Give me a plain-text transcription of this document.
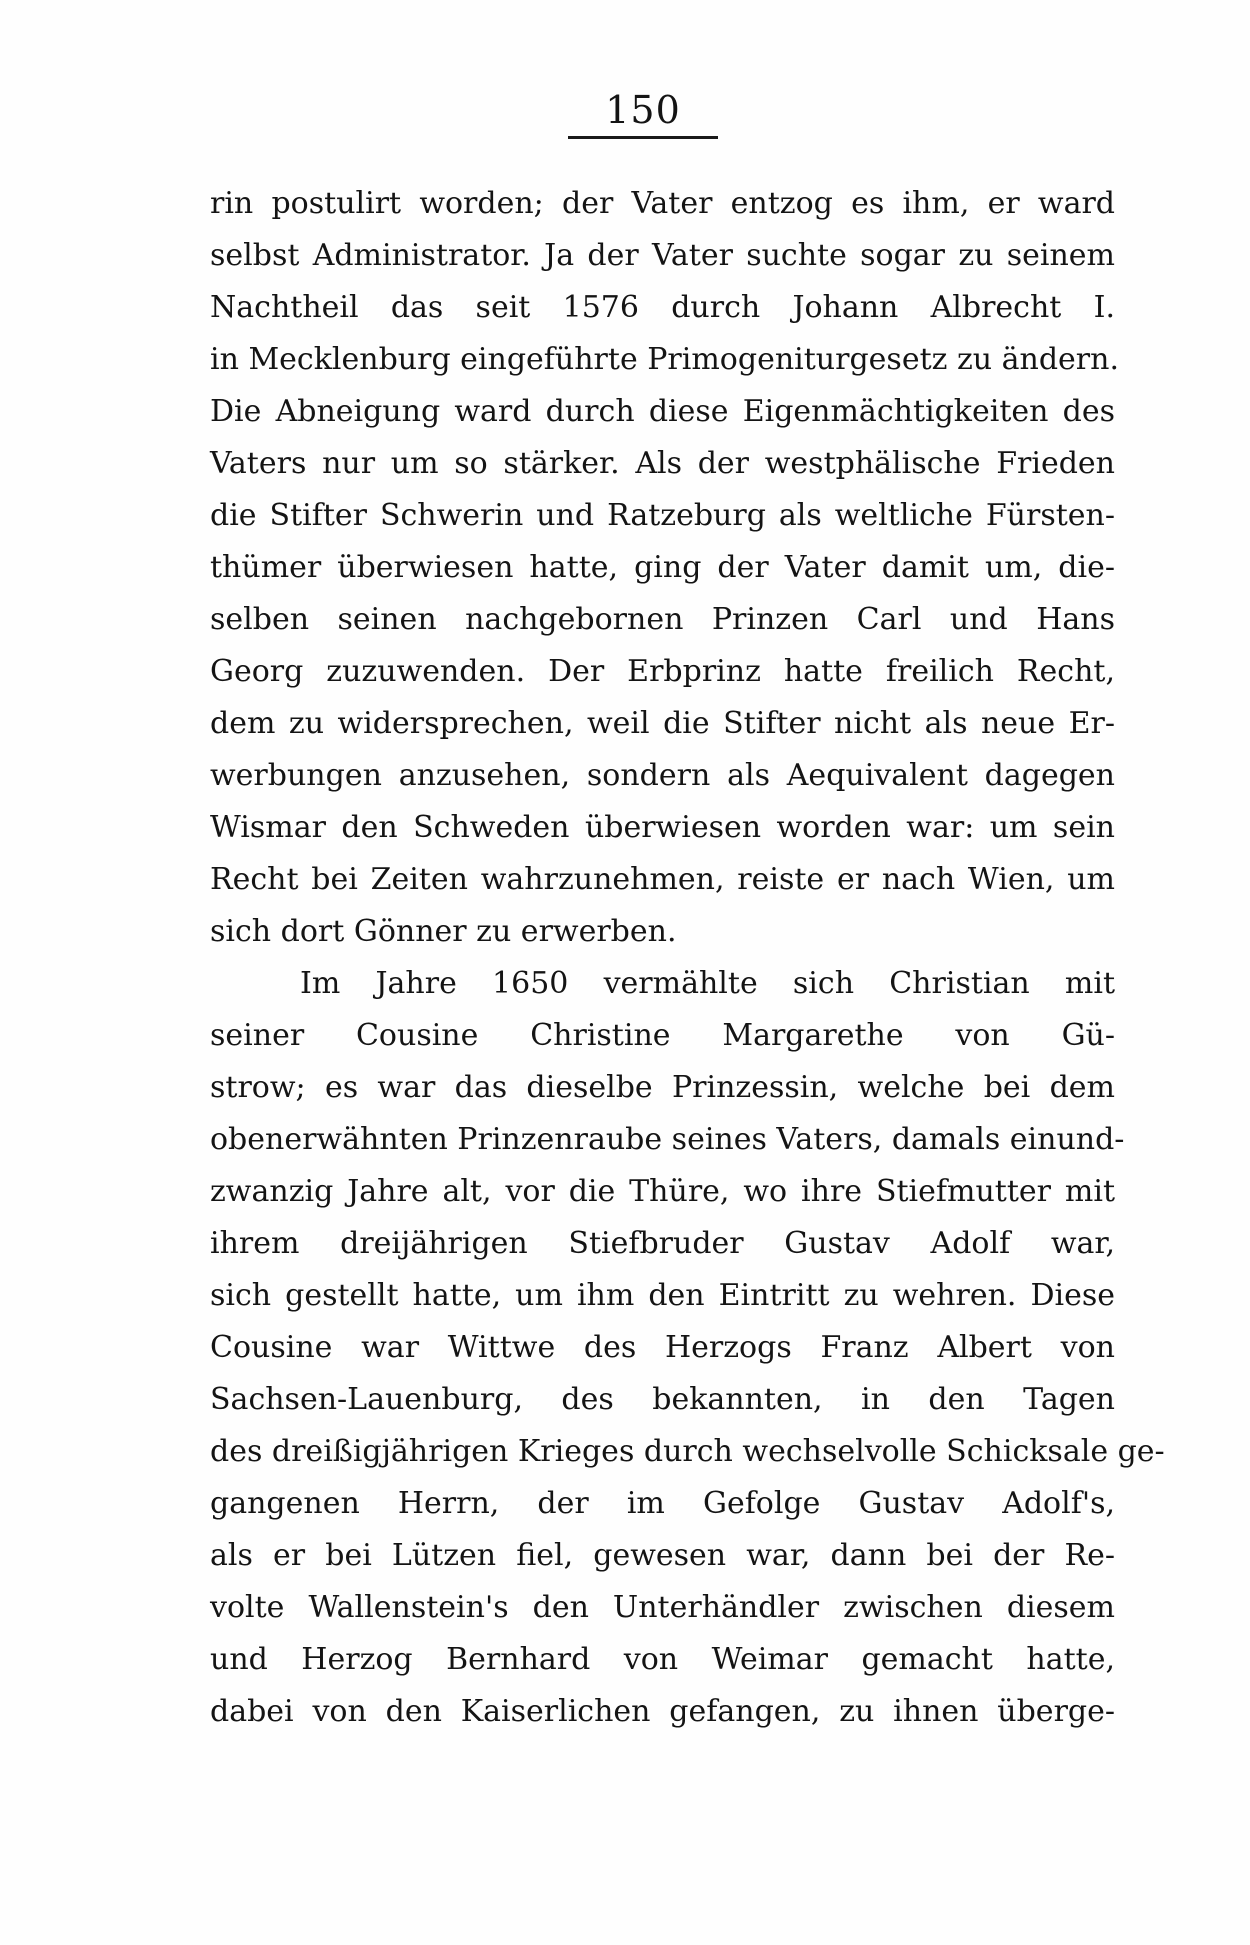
150
rin postulirt worden; der Vater entzog es ihm, er ward
selbst Administrator. Ja der Vater suchte sogar zu seinem
Nachtheil das seit 1576 durch Johann Albrecht I.
in Mecklenburg eingeführte Primogeniturgesetz zu ändern.
Die Abneigung ward durch diese Eigenmächtigkeiten des
Vaters nur um so stärker. Als der westphälische Frieden
die Stifter Schwerin und Ratzeburg als weltliche Fürsten-
thümer überwiesen hatte, ging der Vater damit um, die-
selben seinen nachgebornen Prinzen Carl und Hans
Georg zuzuwenden. Der Erbprinz hatte freilich Recht,
dem zu widersprechen, weil die Stifter nicht als neue Er-
werbungen anzusehen, sondern als Aequivalent dagegen
Wismar den Schweden überwiesen worden war: um sein
Recht bei Zeiten wahrzunehmen, reiste er nach Wien, um
sich dort Gönner zu erwerben.
Im Jahre 1650 vermählte sich Christian mit
seiner Cousine Christine Margarethe von Gü-
strow; es war das dieselbe Prinzessin, welche bei dem
obenerwähnten Prinzenraube seines Vaters, damals einund-
zwanzig Jahre alt, vor die Thüre, wo ihre Stiefmutter mit
ihrem dreijährigen Stiefbruder Gustav Adolf war,
sich gestellt hatte, um ihm den Eintritt zu wehren. Diese
Cousine war Wittwe des Herzogs Franz Albert von
Sachsen-Lauenburg, des bekannten, in den Tagen
des dreißigjährigen Krieges durch wechselvolle Schicksale ge-
gangenen Herrn, der im Gefolge Gustav Adolf's,
als er bei Lützen fiel, gewesen war, dann bei der Re-
volte Wallenstein's den Unterhändler zwischen diesem
und Herzog Bernhard von Weimar gemacht hatte,
dabei von den Kaiserlichen gefangen, zu ihnen überge-
